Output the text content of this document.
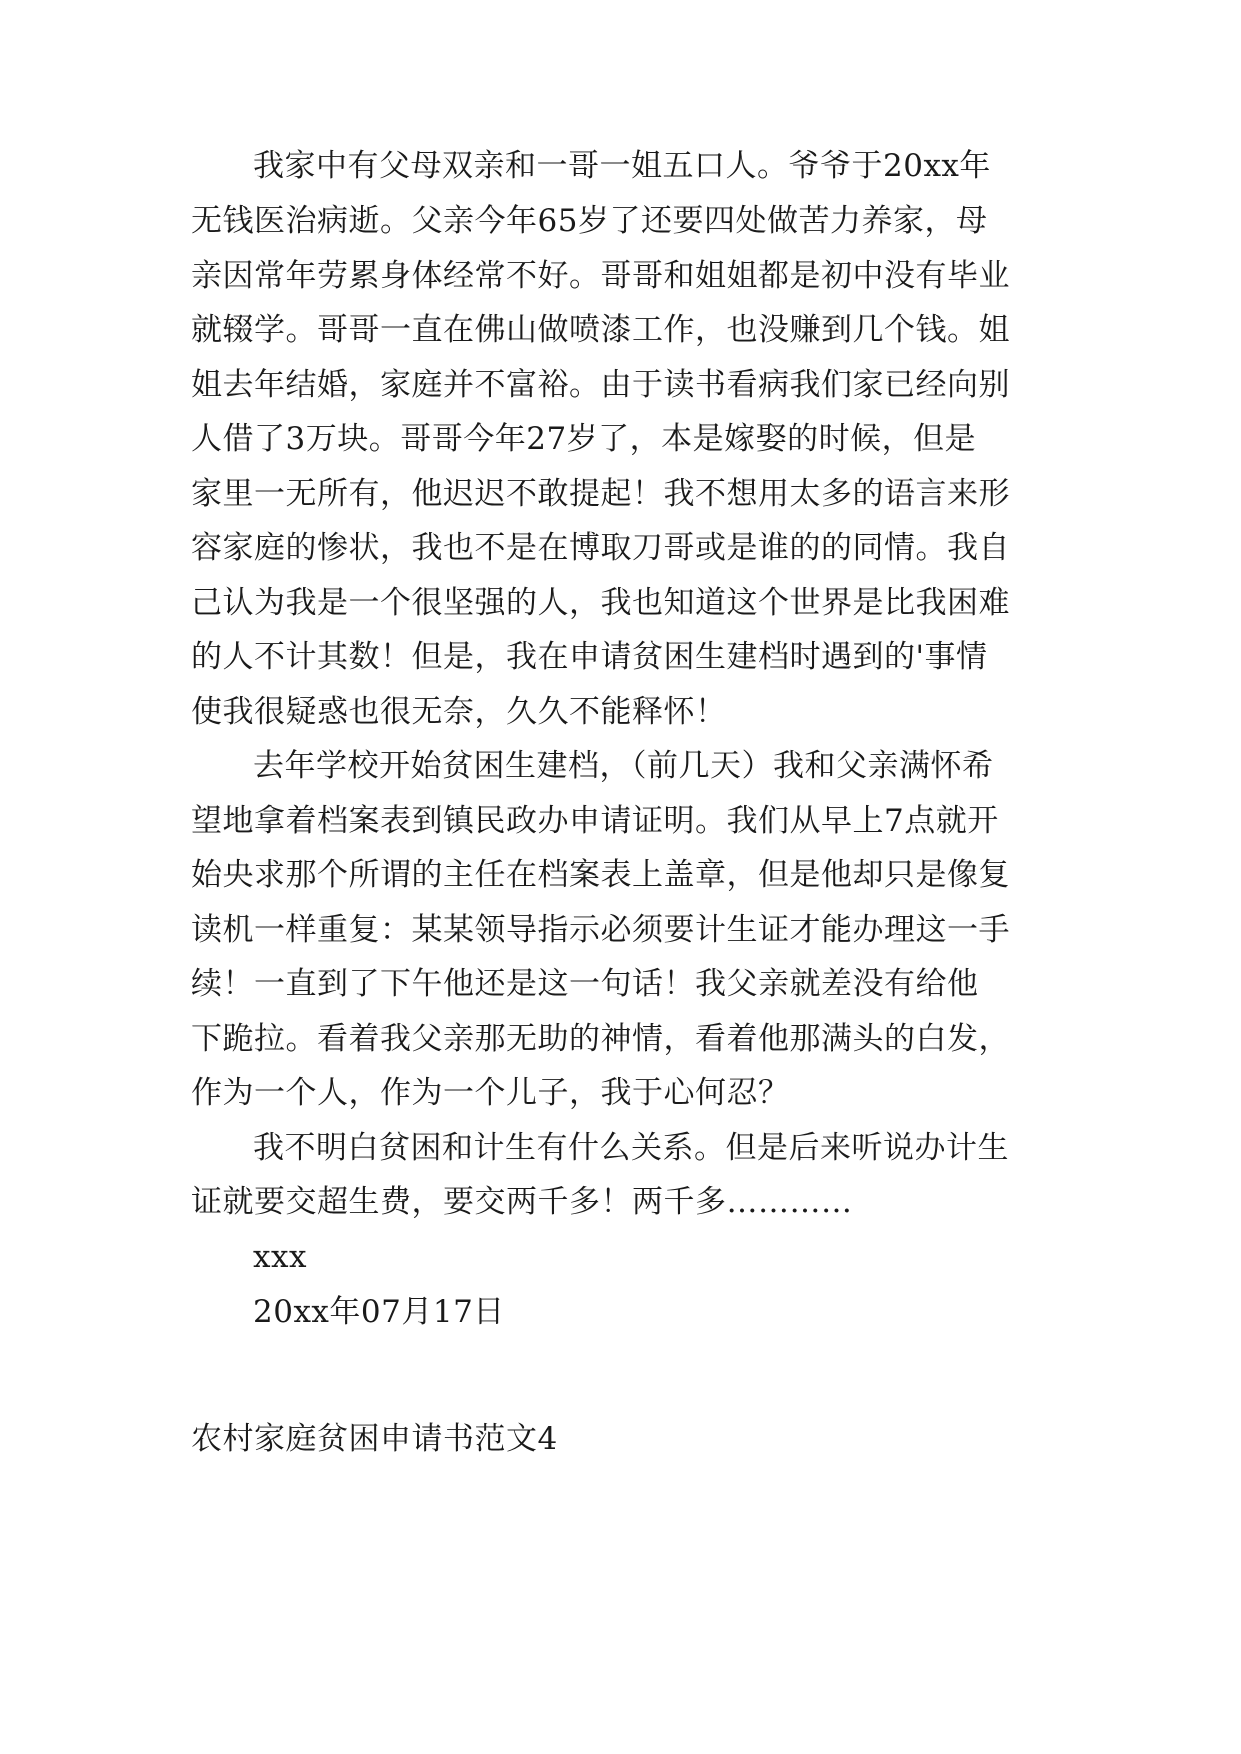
我家中有父母双亲和一哥一姐五口人。爷爷于20xx年
无钱医治病逝。父亲今年65岁了还要四处做苦力养家，母
亲因常年劳累身体经常不好。哥哥和姐姐都是初中没有毕业
就辍学。哥哥一直在佛山做喷漆工作，也没赚到几个钱。姐
姐去年结婚，家庭并不富裕。由于读书看病我们家已经向别
人借了3万块。哥哥今年27岁了，本是嫁娶的时候，但是
家里一无所有，他迟迟不敢提起！我不想用太多的语言来形
容家庭的惨状，我也不是在博取刀哥或是谁的的同情。我自
己认为我是一个很坚强的人，我也知道这个世界是比我困难
的人不计其数！但是，我在申请贫困生建档时遇到的'事情
使我很疑惑也很无奈，久久不能释怀！
去年学校开始贫困生建档，（前几天）我和父亲满怀希
望地拿着档案表到镇民政办申请证明。我们从早上7点就开
始央求那个所谓的主任在档案表上盖章，但是他却只是像复
读机一样重复：某某领导指示必须要计生证才能办理这一手
续！一直到了下午他还是这一句话！我父亲就差没有给他
下跪拉。看着我父亲那无助的神情，看着他那满头的白发，
作为一个人，作为一个儿子，我于心何忍？
我不明白贫困和计生有什么关系。但是后来听说办计生
证就要交超生费，要交两千多！两千多…………
xxx
20xx年07月17日
农村家庭贫困申请书范文4
